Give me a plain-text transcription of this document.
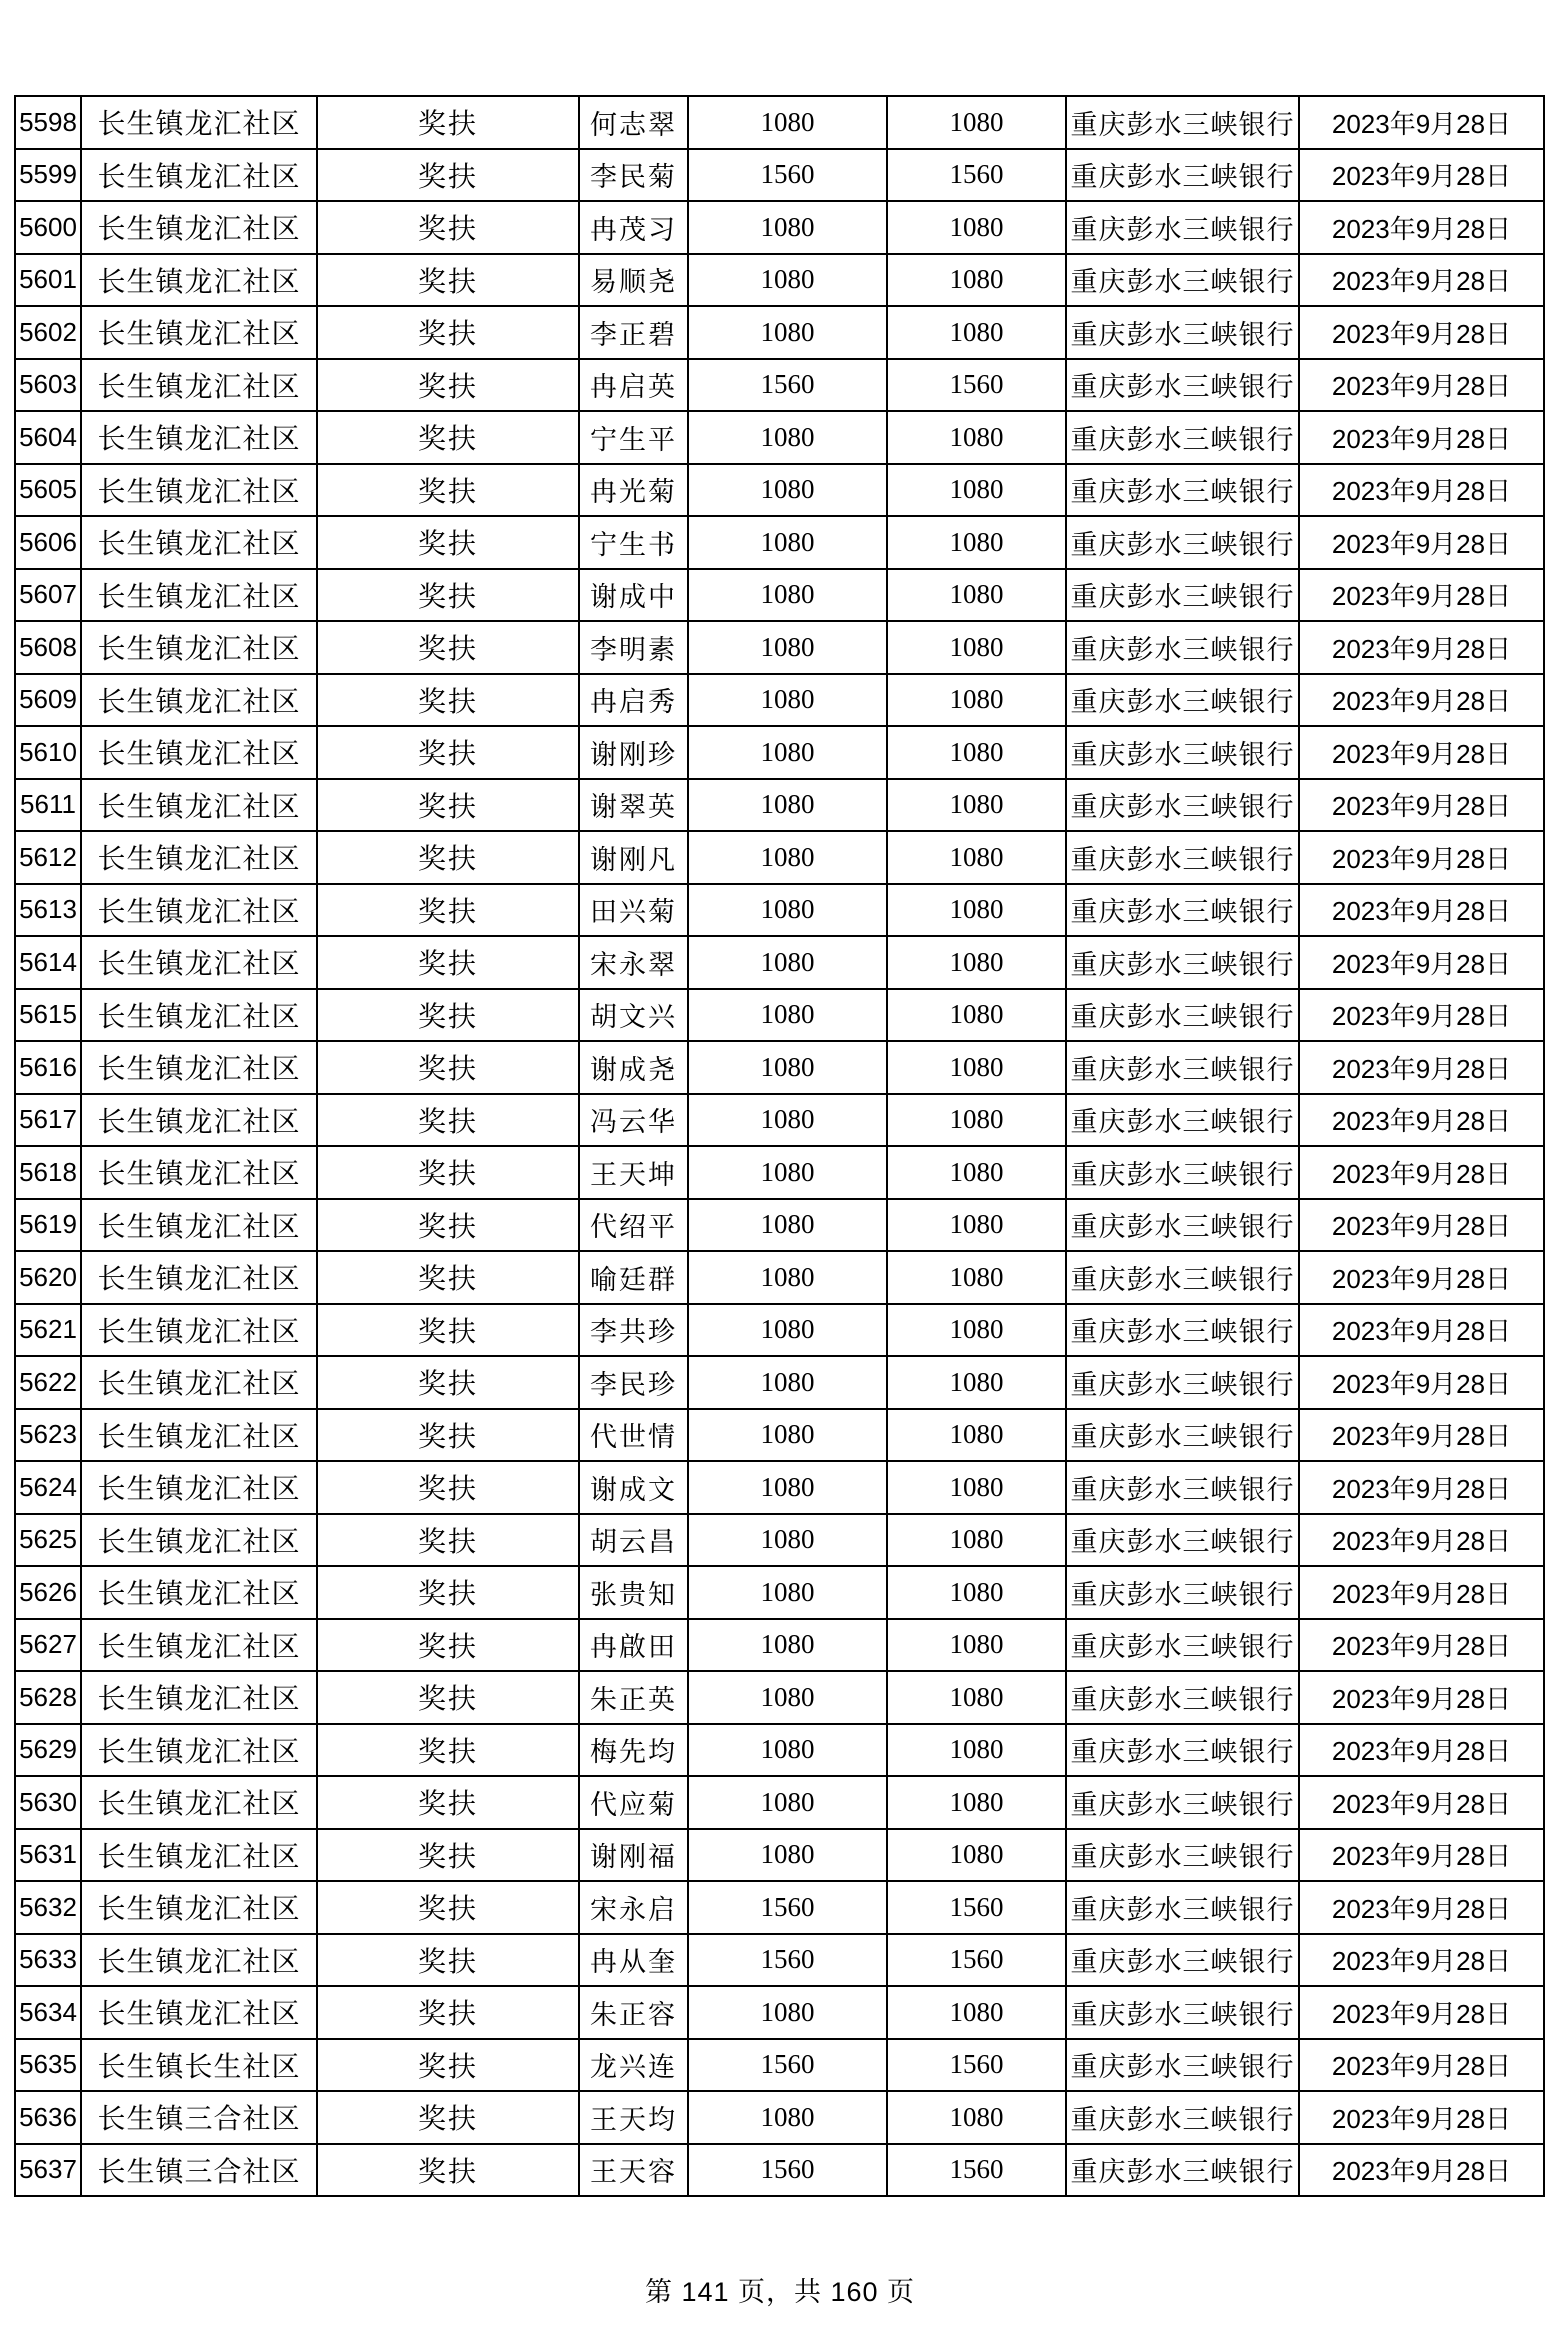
5598	长生镇龙汇社区	奖扶	何志翠	1080	1080	重庆彭水三峡银行	2023年9月28日
5599	长生镇龙汇社区	奖扶	李民菊	1560	1560	重庆彭水三峡银行	2023年9月28日
5600	长生镇龙汇社区	奖扶	冉茂习	1080	1080	重庆彭水三峡银行	2023年9月28日
5601	长生镇龙汇社区	奖扶	易顺尧	1080	1080	重庆彭水三峡银行	2023年9月28日
5602	长生镇龙汇社区	奖扶	李正碧	1080	1080	重庆彭水三峡银行	2023年9月28日
5603	长生镇龙汇社区	奖扶	冉启英	1560	1560	重庆彭水三峡银行	2023年9月28日
5604	长生镇龙汇社区	奖扶	宁生平	1080	1080	重庆彭水三峡银行	2023年9月28日
5605	长生镇龙汇社区	奖扶	冉光菊	1080	1080	重庆彭水三峡银行	2023年9月28日
5606	长生镇龙汇社区	奖扶	宁生书	1080	1080	重庆彭水三峡银行	2023年9月28日
5607	长生镇龙汇社区	奖扶	谢成中	1080	1080	重庆彭水三峡银行	2023年9月28日
5608	长生镇龙汇社区	奖扶	李明素	1080	1080	重庆彭水三峡银行	2023年9月28日
5609	长生镇龙汇社区	奖扶	冉启秀	1080	1080	重庆彭水三峡银行	2023年9月28日
5610	长生镇龙汇社区	奖扶	谢刚珍	1080	1080	重庆彭水三峡银行	2023年9月28日
5611	长生镇龙汇社区	奖扶	谢翠英	1080	1080	重庆彭水三峡银行	2023年9月28日
5612	长生镇龙汇社区	奖扶	谢刚凡	1080	1080	重庆彭水三峡银行	2023年9月28日
5613	长生镇龙汇社区	奖扶	田兴菊	1080	1080	重庆彭水三峡银行	2023年9月28日
5614	长生镇龙汇社区	奖扶	宋永翠	1080	1080	重庆彭水三峡银行	2023年9月28日
5615	长生镇龙汇社区	奖扶	胡文兴	1080	1080	重庆彭水三峡银行	2023年9月28日
5616	长生镇龙汇社区	奖扶	谢成尧	1080	1080	重庆彭水三峡银行	2023年9月28日
5617	长生镇龙汇社区	奖扶	冯云华	1080	1080	重庆彭水三峡银行	2023年9月28日
5618	长生镇龙汇社区	奖扶	王天坤	1080	1080	重庆彭水三峡银行	2023年9月28日
5619	长生镇龙汇社区	奖扶	代绍平	1080	1080	重庆彭水三峡银行	2023年9月28日
5620	长生镇龙汇社区	奖扶	喻廷群	1080	1080	重庆彭水三峡银行	2023年9月28日
5621	长生镇龙汇社区	奖扶	李共珍	1080	1080	重庆彭水三峡银行	2023年9月28日
5622	长生镇龙汇社区	奖扶	李民珍	1080	1080	重庆彭水三峡银行	2023年9月28日
5623	长生镇龙汇社区	奖扶	代世情	1080	1080	重庆彭水三峡银行	2023年9月28日
5624	长生镇龙汇社区	奖扶	谢成文	1080	1080	重庆彭水三峡银行	2023年9月28日
5625	长生镇龙汇社区	奖扶	胡云昌	1080	1080	重庆彭水三峡银行	2023年9月28日
5626	长生镇龙汇社区	奖扶	张贵知	1080	1080	重庆彭水三峡银行	2023年9月28日
5627	长生镇龙汇社区	奖扶	冉啟田	1080	1080	重庆彭水三峡银行	2023年9月28日
5628	长生镇龙汇社区	奖扶	朱正英	1080	1080	重庆彭水三峡银行	2023年9月28日
5629	长生镇龙汇社区	奖扶	梅先均	1080	1080	重庆彭水三峡银行	2023年9月28日
5630	长生镇龙汇社区	奖扶	代应菊	1080	1080	重庆彭水三峡银行	2023年9月28日
5631	长生镇龙汇社区	奖扶	谢刚福	1080	1080	重庆彭水三峡银行	2023年9月28日
5632	长生镇龙汇社区	奖扶	宋永启	1560	1560	重庆彭水三峡银行	2023年9月28日
5633	长生镇龙汇社区	奖扶	冉从奎	1560	1560	重庆彭水三峡银行	2023年9月28日
5634	长生镇龙汇社区	奖扶	朱正容	1080	1080	重庆彭水三峡银行	2023年9月28日
5635	长生镇长生社区	奖扶	龙兴连	1560	1560	重庆彭水三峡银行	2023年9月28日
5636	长生镇三合社区	奖扶	王天均	1080	1080	重庆彭水三峡银行	2023年9月28日
5637	长生镇三合社区	奖扶	王天容	1560	1560	重庆彭水三峡银行	2023年9月28日
第 141 页，共 160 页
